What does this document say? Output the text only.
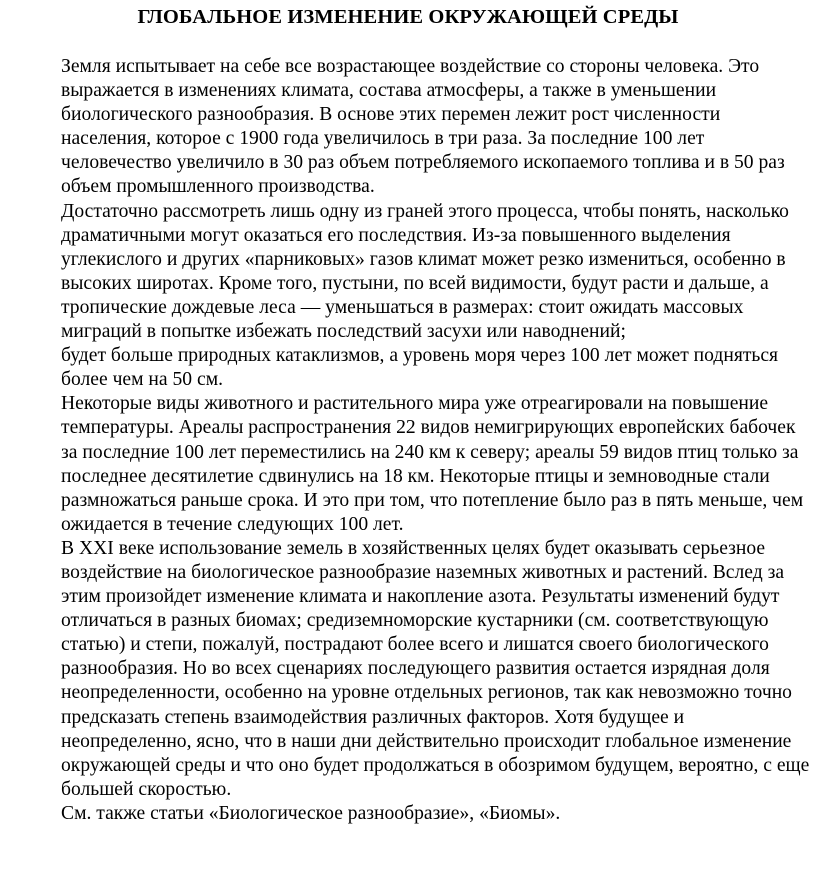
ГЛОБАЛЬНОЕ ИЗМЕНЕНИЕ ОКРУЖАЮЩЕЙ СРЕДЫ

Земля испытывает на себе все возрастающее воздействие со стороны человека. Это выражается в изменениях климата, состава атмосферы, а также в уменьшении биологического разнообразия. В основе этих перемен лежит рост численности населения, которое с 1900 года увеличилось в три раза. За последние 100 лет человечество увеличило в 30 раз объем потребляемого ископаемого топлива и в 50 раз объем промышленного производства.

Достаточно рассмотреть лишь одну из граней этого процесса, чтобы понять, насколько драматичными могут оказаться его последствия. Из-за повышенного выделения углекислого и других «парниковых» газов климат может резко измениться, особенно в высоких широтах. Кроме того, пустыни, по всей видимости, будут расти и дальше, а тропические дождевые леса — уменьшаться в размерах: стоит ожидать массовых миграций в попытке избежать последствий засухи или наводнений;

будет больше природных катаклизмов, а уровень моря через 100 лет может подняться более чем на 50 см.

Некоторые виды животного и растительного мира уже отреагировали на повышение температуры. Ареалы распространения 22 видов немигрирующих европейских бабочек за последние 100 лет переместились на 240 км к северу; ареалы 59 видов птиц только за последнее десятилетие сдвинулись на 18 км. Некоторые птицы и земноводные стали размножаться раньше срока. И это при том, что потепление было раз в пять меньше, чем ожидается в течение следующих 100 лет.

В XXI веке использование земель в хозяйственных целях будет оказывать серьезное воздействие на биологическое разнообразие наземных животных и растений. Вслед за этим произойдет изменение климата и накопление азота. Результаты изменений будут отличаться в разных биомах; средиземноморские кустарники (см. соответствующую статью) и степи, пожалуй, пострадают более всего и лишатся своего биологического разнообразия. Но во всех сценариях последующего развития остается изрядная доля неопределенности, особенно на уровне отдельных регионов, так как невозможно точно предсказать степень взаимодействия различных факторов. Хотя будущее и неопределенно, ясно, что в наши дни действительно происходит глобальное изменение окружающей среды и что оно будет продолжаться в обозримом будущем, вероятно, с еще большей скоростью.

См. также статьи «Биологическое разнообразие», «Биомы».
